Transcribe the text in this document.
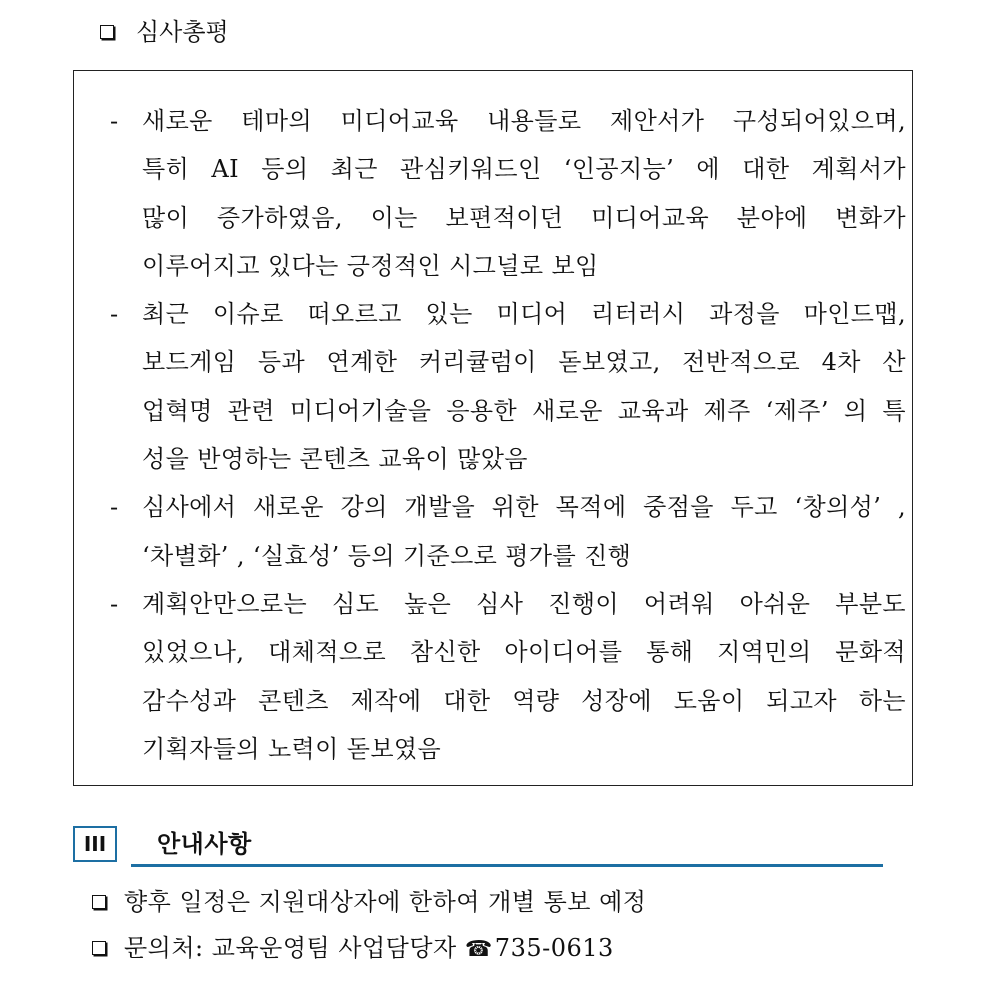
심사총평
- 새로운 테마의 미디어교육 내용들로 제안서가 구성되어있으며,
특히 AI 등의 최근 관심키워드인 ‘인공지능’ 에 대한 계획서가
많이 증가하였음, 이는 보편적이던 미디어교육 분야에 변화가
이루어지고 있다는 긍정적인 시그널로 보임
- 최근 이슈로 떠오르고 있는 미디어 리터러시 과정을 마인드맵,
보드게임 등과 연계한 커리큘럼이 돋보였고, 전반적으로 4차 산
업혁명 관련 미디어기술을 응용한 새로운 교육과 제주 ‘제주’ 의 특
성을 반영하는 콘텐츠 교육이 많았음
- 심사에서 새로운 강의 개발을 위한 목적에 중점을 두고 ‘창의성’ ,
‘차별화’ , ‘실효성’ 등의 기준으로 평가를 진행
- 계획안만으로는 심도 높은 심사 진행이 어려워 아쉬운 부분도
있었으나, 대체적으로 참신한 아이디어를 통해 지역민의 문화적
감수성과 콘텐츠 제작에 대한 역량 성장에 도움이 되고자 하는
기획자들의 노력이 돋보였음
III	안내사항
향후 일정은 지원대상자에 한하여 개별 통보 예정
문의처: 교육운영팀 사업담당자 ☎735-0613
